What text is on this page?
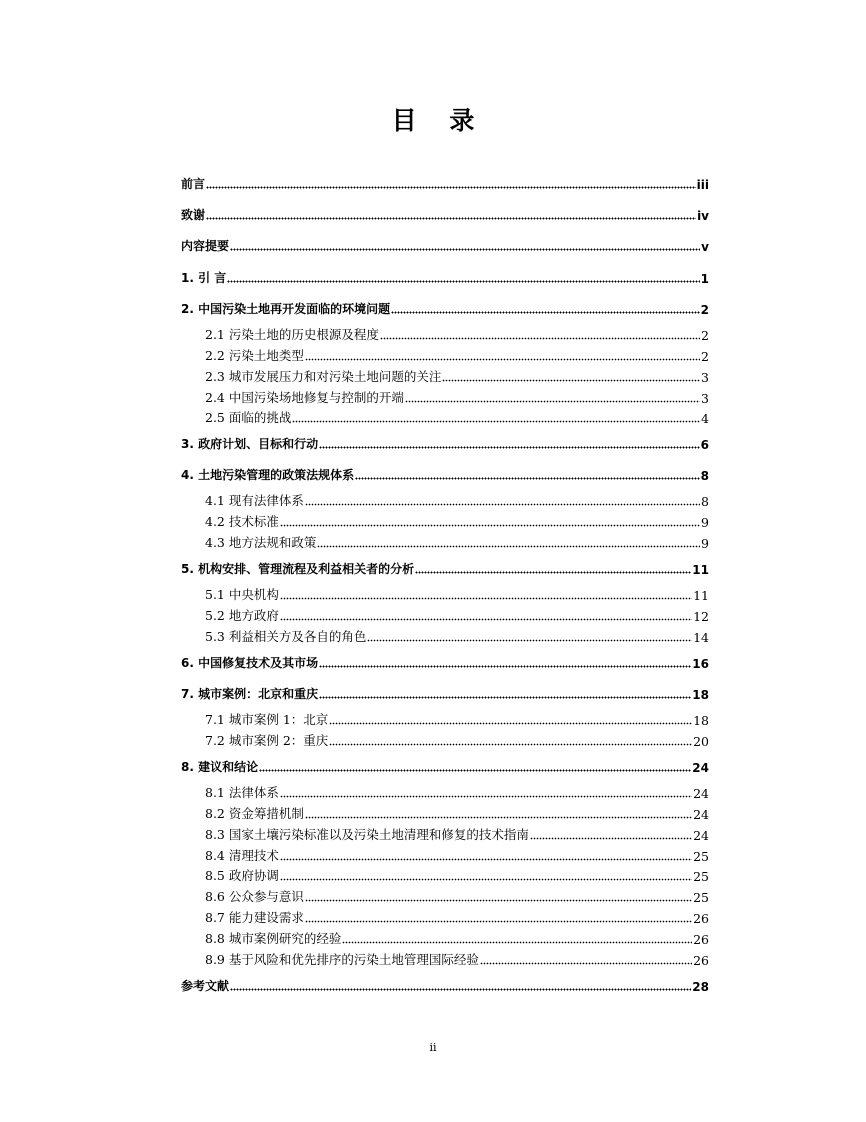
目 录
前言	iii
致谢	iv
内容提要	v
1. 引 言	1
2. 中国污染土地再开发面临的环境问题	2
2.1 污染土地的历史根源及程度	2
2.2 污染土地类型	2
2.3 城市发展压力和对污染土地问题的关注	3
2.4 中国污染场地修复与控制的开端	3
2.5 面临的挑战	4
3. 政府计划、目标和行动	6
4. 土地污染管理的政策法规体系	8
4.1 现有法律体系	8
4.2 技术标准	9
4.3 地方法规和政策	9
5. 机构安排、管理流程及利益相关者的分析	11
5.1 中央机构	11
5.2 地方政府	12
5.3 利益相关方及各自的角色	14
6. 中国修复技术及其市场	16
7. 城市案例：北京和重庆	18
7.1 城市案例 1：北京	18
7.2 城市案例 2：重庆	20
8. 建议和结论	24
8.1 法律体系	24
8.2 资金筹措机制	24
8.3 国家土壤污染标准以及污染土地清理和修复的技术指南	24
8.4 清理技术	25
8.5 政府协调	25
8.6 公众参与意识	25
8.7 能力建设需求	26
8.8 城市案例研究的经验	26
8.9 基于风险和优先排序的污染土地管理国际经验	26
参考文献	28
ii
